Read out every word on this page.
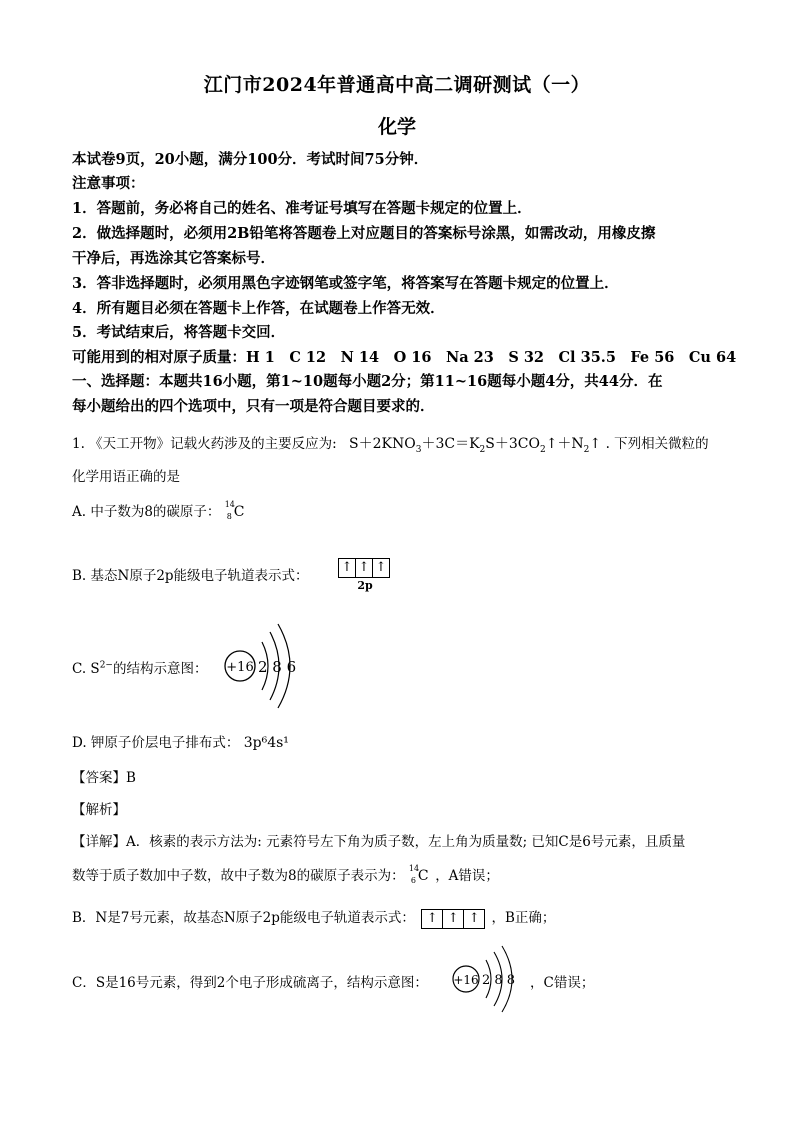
江门市2024年普通高中高二调研测试（一）
化学
本试卷9页，20小题，满分100分．考试时间75分钟．
注意事项：
1．答题前，务必将自己的姓名、准考证号填写在答题卡规定的位置上．
2．做选择题时，必须用2B铅笔将答题卷上对应题目的答案标号涂黑，如需改动，用橡皮擦
干净后，再选涂其它答案标号．
3．答非选择题时，必须用黑色字迹钢笔或签字笔，将答案写在答题卡规定的位置上．
4．所有题目必须在答题卡上作答，在试题卷上作答无效．
5．考试结束后，将答题卡交回．
可能用到的相对原子质量：H 1　C 12　N 14　O 16　Na 23　S 32　Cl 35.5　Fe 56　Cu 64
一、选择题：本题共16小题，第1~10题每小题2分；第11~16题每小题4分，共44分．在
每小题给出的四个选项中，只有一项是符合题目要求的．
1. 《天工开物》记载火药涉及的主要反应为: $S+2KNO_3+3C=K_2S+3CO_2↑+N_2↑$ . 下列相关微粒的
化学用语正确的是
A. 中子数为8的碳原子： 14
8 C
B. 基态N原子2p能级电子轨道表示式：
↑ ↑ ↑
2p
C. $S^{2-}$的结构示意图： +16 2 8 6
D. 钾原子价层电子排布式： 3p⁶4s¹
【答案】B
【解析】
【详解】A．核素的表示方法为: 元素符号左下角为质子数，左上角为质量数; 已知C是6号元素，且质量
数等于质子数加中子数，故中子数为8的碳原子表示为： 14
6 C ，A错误；
B．N是7号元素，故基态N原子2p能级电子轨道表示式： ↑ ↑ ↑ ，B正确；
C．S是16号元素，得到2个电子形成硫离子，结构示意图： +16 2 8 8 ，C错误；
